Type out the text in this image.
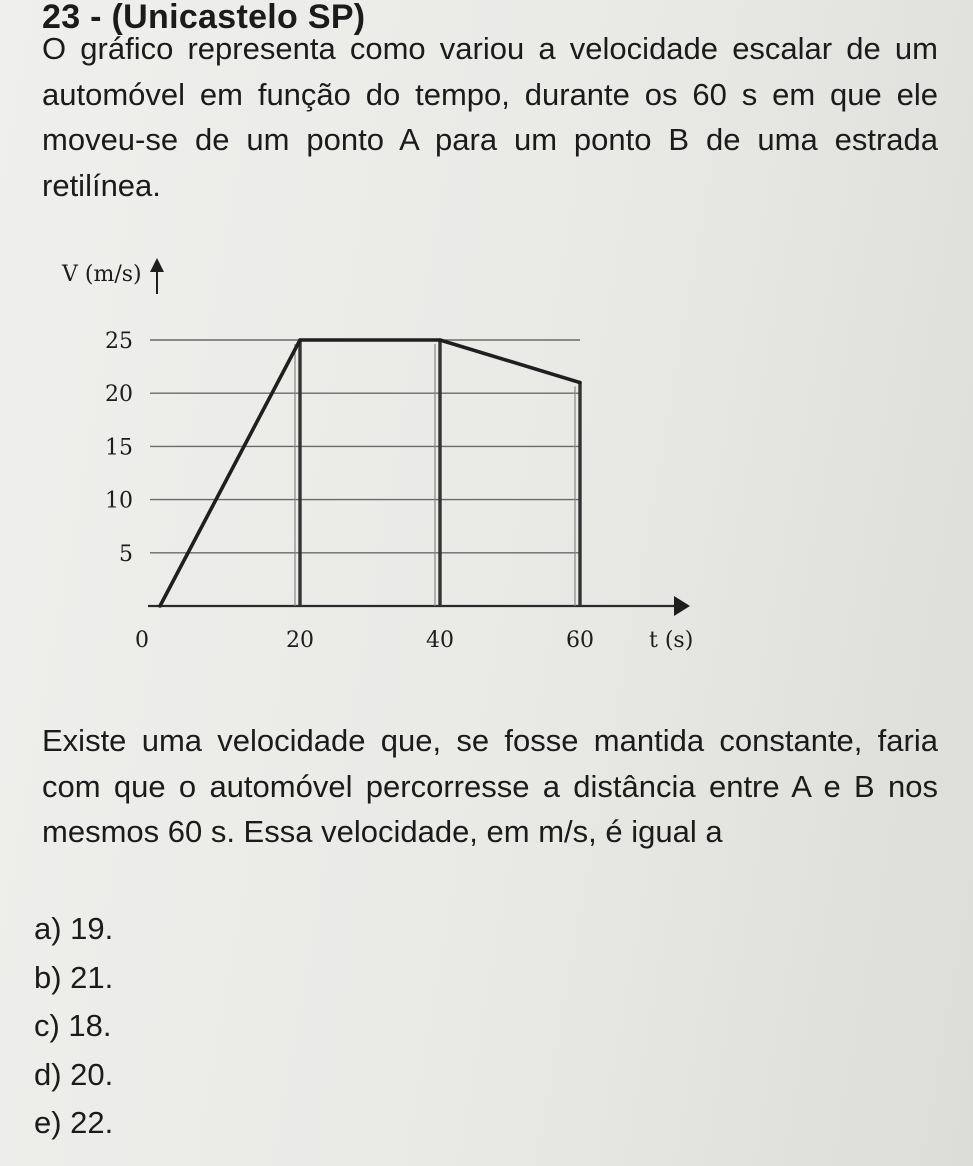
23 - (Unicastelo SP)
O gráfico representa como variou a velocidade escalar de um automóvel em função do tempo, durante os 60 s em que ele moveu-se de um ponto A para um ponto B de uma estrada retilínea.
V (m/s)
t (s)
5
10
15
20
25
0	20	40	60
Existe uma velocidade que, se fosse mantida constante, faria com que o automóvel percorresse a distância entre A e B nos mesmos 60 s. Essa velocidade, em m/s, é igual a
a) 19.
b) 21.
c) 18.
d) 20.
e) 22.
